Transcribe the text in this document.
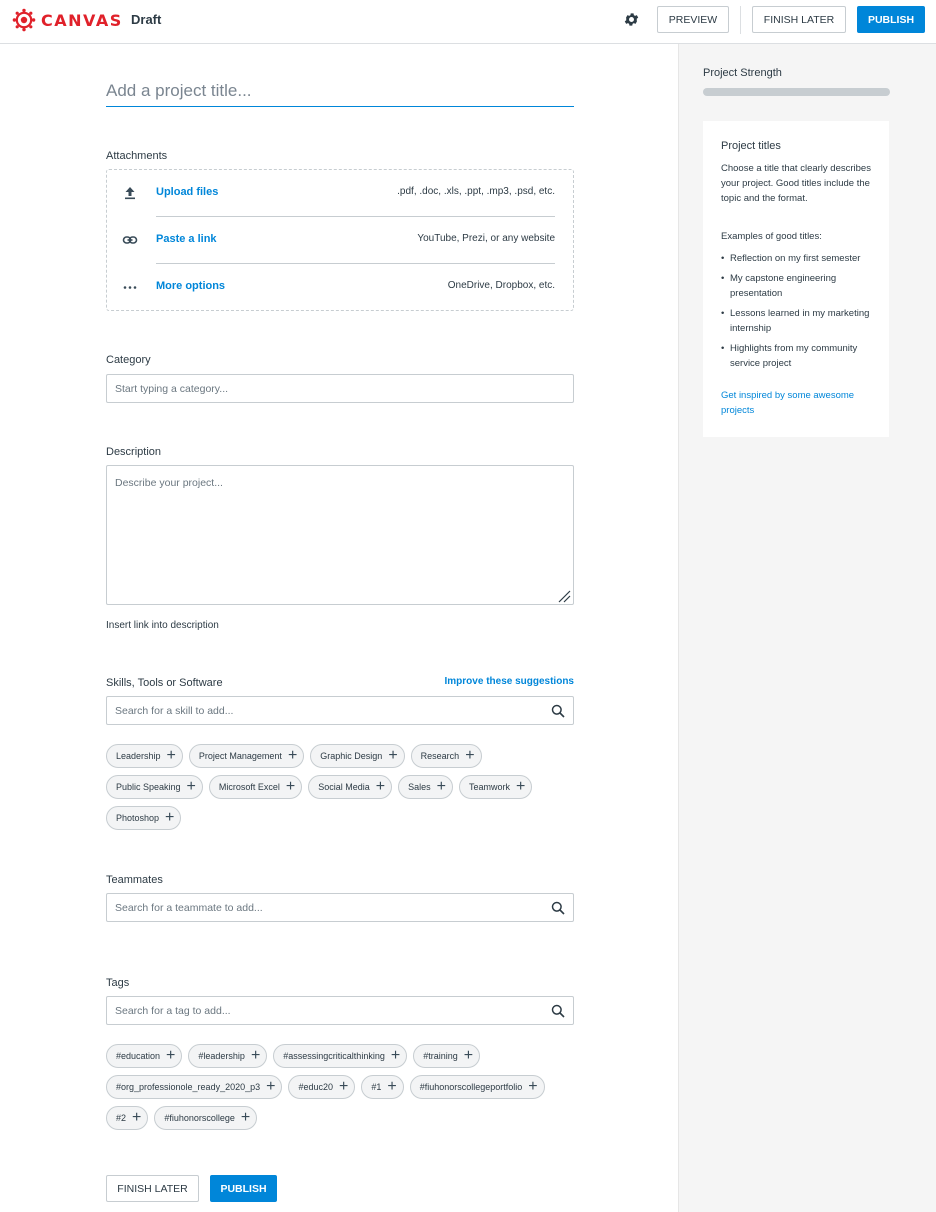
CANVAS Draft	PREVIEW	FINISH LATER	PUBLISH
Add a project title...
Attachments
Upload files	.pdf, .doc, .xls, .ppt, .mp3, .psd, etc.
Paste a link	YouTube, Prezi, or any website
More options	OneDrive, Dropbox, etc.
Category
Start typing a category...
Description
Describe your project...
Insert link into description
Skills, Tools or Software	Improve these suggestions
Search for a skill to add...
Leadership +	Project Management +	Graphic Design +	Research +
Public Speaking +	Microsoft Excel +	Social Media +	Sales +	Teamwork +
Photoshop +
Teammates
Search for a teammate to add...
Tags
Search for a tag to add...
#education +	#leadership +	#assessingcriticalthinking +	#training +
#org_professionole_ready_2020_p3 +	#educ20 +	#1 +	#fiuhonorscollegeportfolio +
#2 +	#fiuhonorscollege +
FINISH LATER	PUBLISH
Project Strength
Project titles

Choose a title that clearly describes your project. Good titles include the topic and the format.

Examples of good titles:

• Reflection on my first semester
• My capstone engineering presentation
• Lessons learned in my marketing internship
• Highlights from my community service project

Get inspired by some awesome projects
